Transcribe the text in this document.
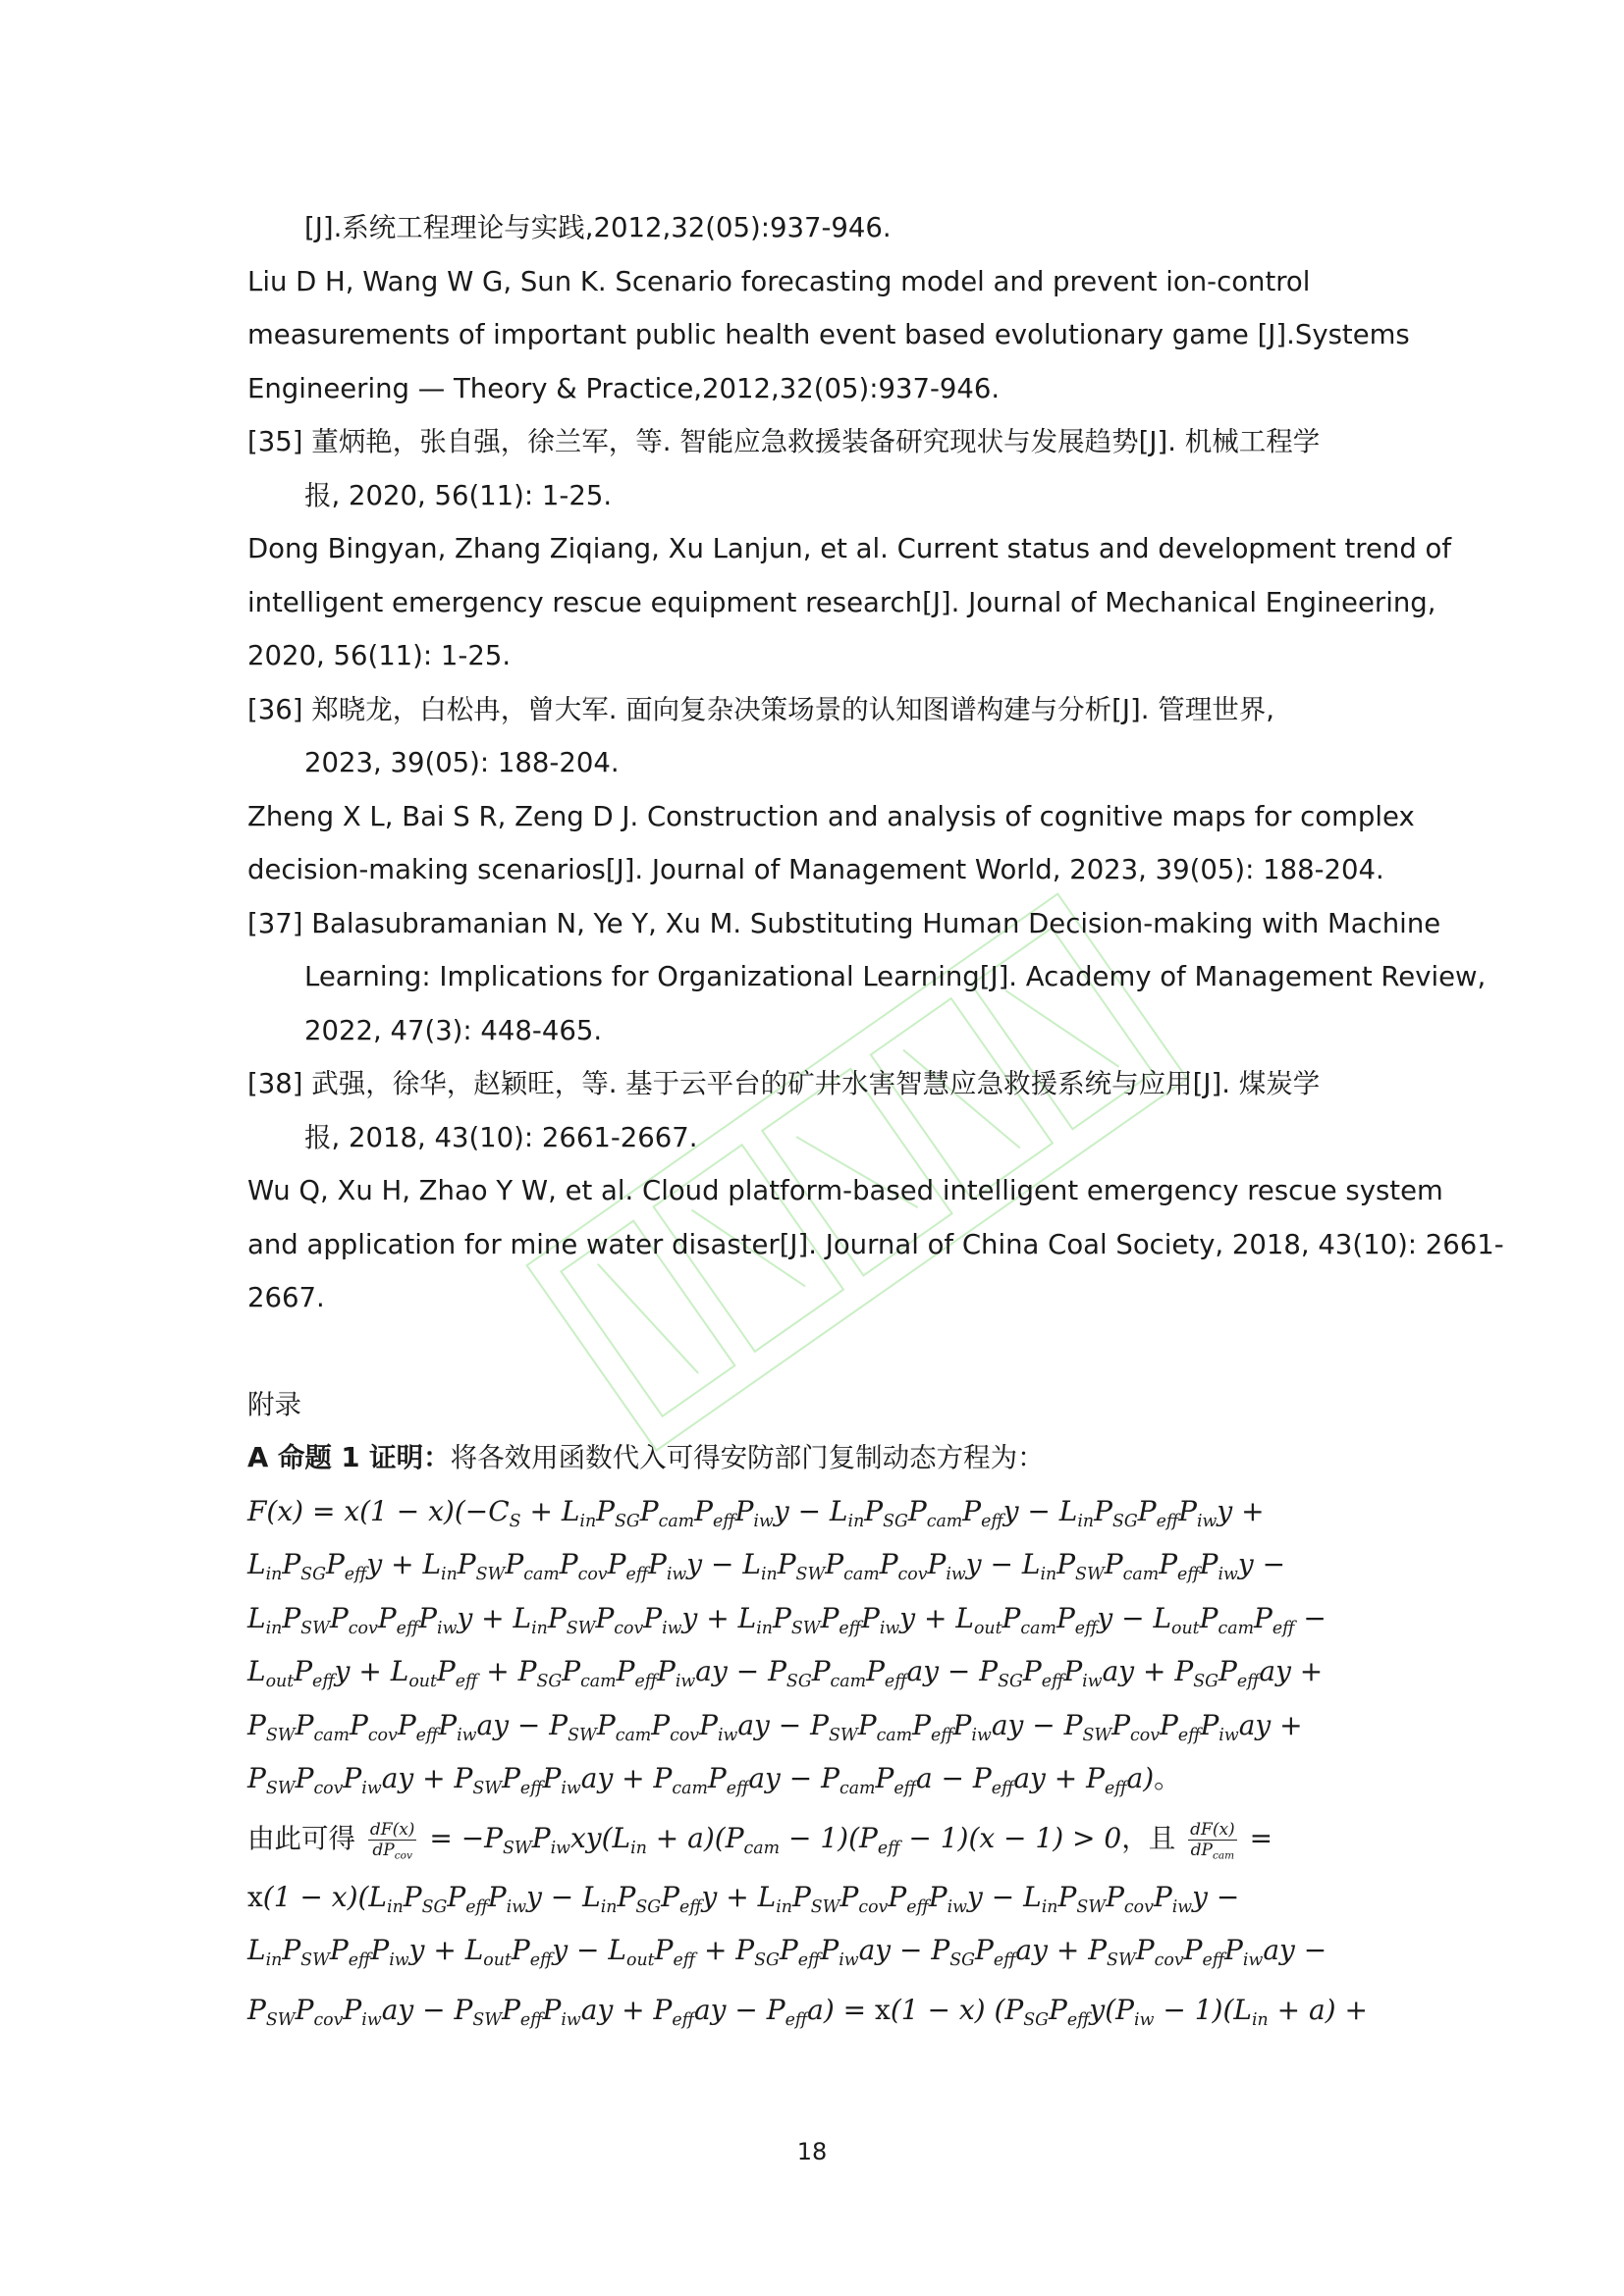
[J].系统工程理论与实践,2012,32(05):937-946.
Liu D H, Wang W G, Sun K. Scenario forecasting model and prevent ion-control
measurements of important public health event based evolutionary game [J].Systems
Engineering — Theory & Practice,2012,32(05):937-946.
[35] 董炳艳，张自强，徐兰军，等. 智能应急救援装备研究现状与发展趋势[J]. 机械工程学
报, 2020, 56(11): 1-25.
Dong Bingyan, Zhang Ziqiang, Xu Lanjun, et al. Current status and development trend of
intelligent emergency rescue equipment research[J]. Journal of Mechanical Engineering,
2020, 56(11): 1-25.
[36] 郑晓龙，白松冉，曾大军. 面向复杂决策场景的认知图谱构建与分析[J]. 管理世界,
2023, 39(05): 188-204.
Zheng X L, Bai S R, Zeng D J. Construction and analysis of cognitive maps for complex
decision-making scenarios[J]. Journal of Management World, 2023, 39(05): 188-204.
[37] Balasubramanian N, Ye Y, Xu M. Substituting Human Decision-making with Machine
Learning: Implications for Organizational Learning[J]. Academy of Management Review,
2022, 47(3): 448-465.
[38] 武强，徐华，赵颖旺，等. 基于云平台的矿井水害智慧应急救援系统与应用[J]. 煤炭学
报, 2018, 43(10): 2661-2667.
Wu Q, Xu H, Zhao Y W, et al. Cloud platform-based intelligent emergency rescue system
and application for mine water disaster[J]. Journal of China Coal Society, 2018, 43(10): 2661-
2667.
附录
A 命题 1 证明：将各效用函数代入可得安防部门复制动态方程为：
$F(x) = x(1 - x)(-C_S + L_{in}P_{SG}P_{cam}P_{eff}P_{iw}y - L_{in}P_{SG}P_{cam}P_{eff}y - L_{in}P_{SG}P_{eff}P_{iw}y$ +
$L_{in}P_{SG}P_{eff}y + L_{in}P_{SW}P_{cam}P_{cov}P_{eff}P_{iw}y - L_{in}P_{SW}P_{cam}P_{cov}P_{iw}y - L_{in}P_{SW}P_{cam}P_{eff}P_{iw}y$ −
$L_{in}P_{SW}P_{cov}P_{eff}P_{iw}y + L_{in}P_{SW}P_{cov}P_{iw}y + L_{in}P_{SW}P_{eff}P_{iw}y + L_{out}P_{cam}P_{eff}y - L_{out}P_{cam}P_{eff}$ −
$L_{out}P_{eff}y + L_{out}P_{eff} + P_{SG}P_{cam}P_{eff}P_{iw}ay - P_{SG}P_{cam}P_{eff}ay - P_{SG}P_{eff}P_{iw}ay + P_{SG}P_{eff}ay$ +
$P_{SW}P_{cam}P_{cov}P_{eff}P_{iw}ay - P_{SW}P_{cam}P_{cov}P_{iw}ay - P_{SW}P_{cam}P_{eff}P_{iw}ay - P_{SW}P_{cov}P_{eff}P_{iw}ay$ +
$P_{SW}P_{cov}P_{iw}ay + P_{SW}P_{eff}P_{iw}ay + P_{cam}P_{eff}ay - P_{cam}P_{eff}a - P_{eff}ay + P_{eff}a$)。
由此可得 $\frac{dF(x)}{dP_{cov}} = -P_{SW}P_{iw}xy(L_{in} + a)(P_{cam} - 1)(P_{eff} - 1)(x - 1) > 0$，且 $\frac{dF(x)}{dP_{cam}}$ =
$x(1 - x)(L_{in}P_{SG}P_{eff}P_{iw}y - L_{in}P_{SG}P_{eff}y + L_{in}P_{SW}P_{cov}P_{eff}P_{iw}y - L_{in}P_{SW}P_{cov}P_{iw}y$ −
$L_{in}P_{SW}P_{eff}P_{iw}y + L_{out}P_{eff}y - L_{out}P_{eff} + P_{SG}P_{eff}P_{iw}ay - P_{SG}P_{eff}ay + P_{SW}P_{cov}P_{eff}P_{iw}ay$ −
$P_{SW}P_{cov}P_{iw}ay - P_{SW}P_{eff}P_{iw}ay + P_{eff}ay - P_{eff}a) = x(1 - x)$ ($P_{SG}P_{eff}y(P_{iw} - 1)(L_{in} + a)$ +
18
